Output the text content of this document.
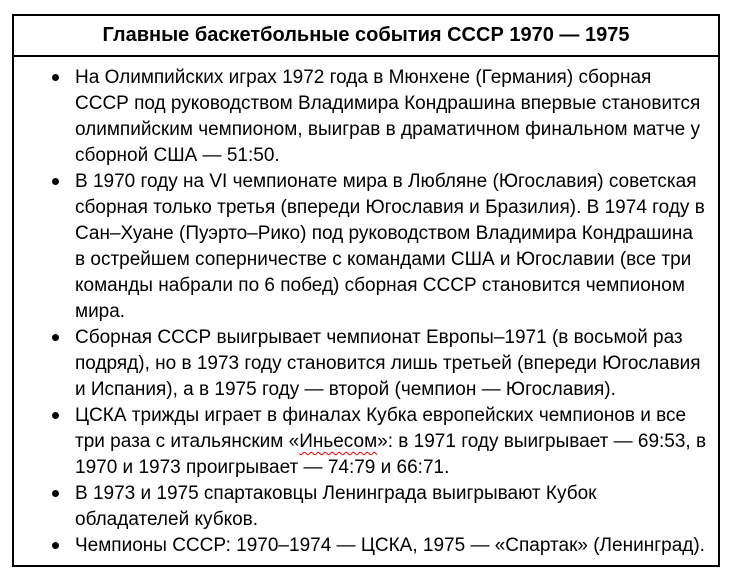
Главные баскетбольные события СССР 1970 — 1975
На Олимпийских играх 1972 года в Мюнхене (Германия) сборная СССР под руководством Владимира Кондрашина впервые становится олимпийским чемпионом, выиграв в драматичном финальном матче у сборной США — 51:50.
В 1970 году на VI чемпионате мира в Любляне (Югославия) советская сборная только третья (впереди Югославия и Бразилия). В 1974 году в Сан–Хуане (Пуэрто–Рико) под руководством Владимира Кондрашина в острейшем соперничестве с командами США и Югославии (все три команды набрали по 6 побед) сборная СССР становится чемпионом мира.
Сборная СССР выигрывает чемпионат Европы–1971 (в восьмой раз подряд), но в 1973 году становится лишь третьей (впереди Югославия и Испания), а в 1975 году — второй (чемпион — Югославия).
ЦСКА трижды играет в финалах Кубка европейских чемпионов и все три раза с итальянским «Иньесом»: в 1971 году выигрывает — 69:53, в 1970 и 1973 проигрывает — 74:79 и 66:71.
В 1973 и 1975 спартаковцы Ленинграда выигрывают Кубок обладателей кубков.
Чемпионы СССР: 1970–1974 — ЦСКА, 1975 — «Спартак» (Ленинград).
